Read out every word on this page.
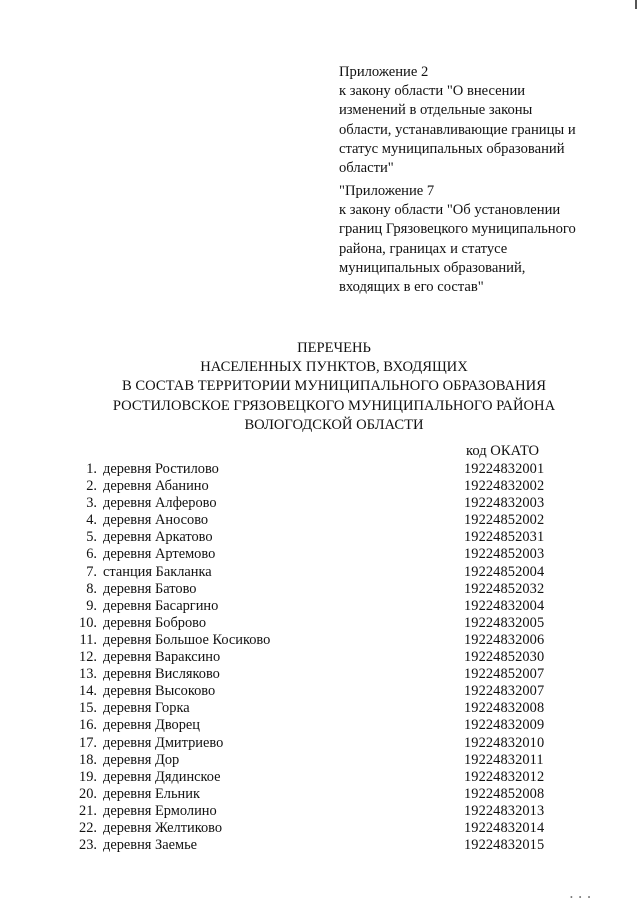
Приложение 2
к закону области "О внесении
изменений в отдельные законы
области, устанавливающие границы и
статус муниципальных образований
области"
"Приложение 7
к закону области "Об установлении
границ Грязовецкого муниципального
района, границах и статусе
муниципальных образований,
входящих в его состав"
ПЕРЕЧЕНЬ
НАСЕЛЕННЫХ ПУНКТОВ, ВХОДЯЩИХ
В СОСТАВ ТЕРРИТОРИИ МУНИЦИПАЛЬНОГО ОБРАЗОВАНИЯ
РОСТИЛОВСКОЕ ГРЯЗОВЕЦКОГО МУНИЦИПАЛЬНОГО РАЙОНА
ВОЛОГОДСКОЙ ОБЛАСТИ
код ОКАТО
1. деревня Ростилово	19224832001
2. деревня Абанино	19224832002
3. деревня Алферово	19224832003
4. деревня Аносово	19224852002
5. деревня Аркатово	19224852031
6. деревня Артемово	19224852003
7. станция Бакланка	19224852004
8. деревня Батово	19224852032
9. деревня Басаргино	19224832004
10. деревня Боброво	19224832005
11. деревня Большое Косиково	19224832006
12. деревня Вараксино	19224852030
13. деревня Висляково	19224852007
14. деревня Высоково	19224832007
15. деревня Горка	19224832008
16. деревня Дворец	19224832009
17. деревня Дмитриево	19224832010
18. деревня Дор	19224832011
19. деревня Дядинское	19224832012
20. деревня Ельник	19224852008
21. деревня Ермолино	19224832013
22. деревня Желтиково	19224832014
23. деревня Заемье	19224832015
• • •
